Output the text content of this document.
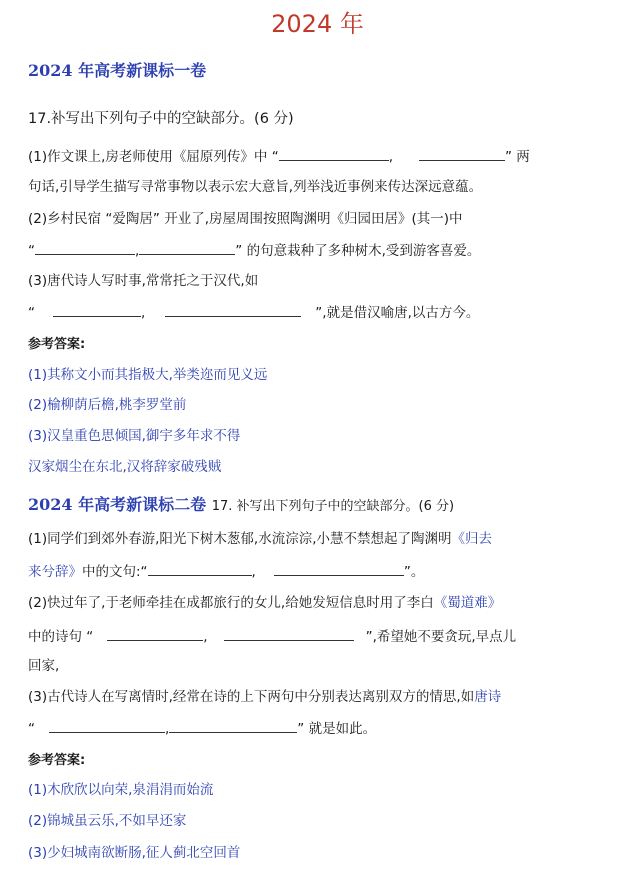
2024 年
2024 年高考新课标一卷
17.补写出下列句子中的空缺部分。(6 分)
(1)作文课上,房老师使用《屈原列传》中 “	,	” 两
句话,引导学生描写寻常事物以表示宏大意旨,列举浅近事例来传达深远意蕴。
(2)乡村民宿 “爱陶居” 开业了,房屋周围按照陶渊明《归园田居》(其一)中
“	,	” 的句意栽种了多种树木,受到游客喜爱。
(3)唐代诗人写时事,常常托之于汉代,如
“	,	”,就是借汉喻唐,以古方今。
参考答案:
(1)其称文小而其指极大,举类迩而见义远
(2)榆柳荫后檐,桃李罗堂前
(3)汉皇重色思倾国,御宇多年求不得
汉家烟尘在东北,汉将辞家破残贼
2024 年高考新课标二卷 17. 补写出下列句子中的空缺部分。(6 分)
(1)同学们到郊外春游,阳光下树木葱郁,水流淙淙,小慧不禁想起了陶渊明《归去
来兮辞》中的文句:“	,	”。
(2)快过年了,于老师牵挂在成都旅行的女儿,给她发短信息时用了李白《蜀道难》
中的诗句 “	,	”,希望她不要贪玩,早点儿
回家,
(3)古代诗人在写离情时,经常在诗的上下两句中分别表达离别双方的情思,如唐诗
“	,	” 就是如此。
参考答案:
(1)木欣欣以向荣,泉涓涓而始流
(2)锦城虽云乐,不如早还家
(3)少妇城南欲断肠,征人蓟北空回首
